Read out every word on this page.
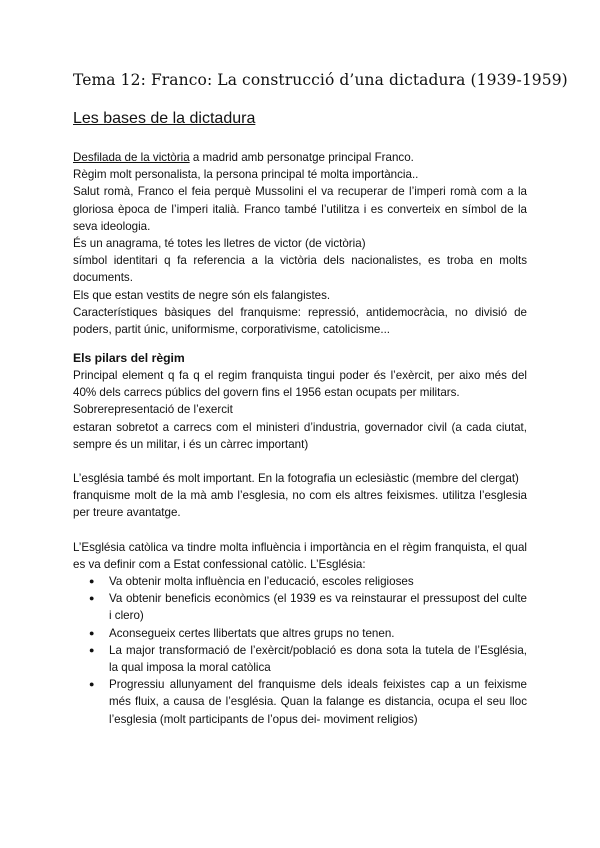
Tema 12: Franco: La construcció d’una dictadura (1939-1959)
Les bases de la dictadura

Desfilada de la victòria a madrid amb personatge principal Franco.

Règim molt personalista, la persona principal té molta importància..

Salut romà, Franco el feia perquè Mussolini el va recuperar de l’imperi romà com a la gloriosa època de l’imperi italià. Franco també l’utilitza i es converteix en símbol de la seva ideologia.

És un anagrama, té totes les lletres de victor (de victòria)

símbol identitari q fa referencia a la victòria dels nacionalistes, es troba en molts documents.

Els que estan vestits de negre són els falangistes.

Característiques bàsiques del franquisme: repressió, antidemocràcia, no divisió de poders, partit únic, uniformisme, corporativisme, catolicisme...

Els pilars del règim

Principal element q fa q el regim franquista tingui poder és l’exèrcit, per aixo més del 40% dels carrecs públics del govern fins el 1956 estan ocupats per militars.

Sobrerepresentació de l’exercit

estaran sobretot a carrecs com el ministeri d’industria, governador civil (a cada ciutat, sempre és un militar, i és un càrrec important)

L’església també és molt important. En la fotografia un eclesiàstic (membre del clergat)

franquisme molt de la mà amb l’esglesia, no com els altres feixismes. utilitza l’esglesia per treure avantatge.

L’Església catòlica va tindre molta influència i importància en el règim franquista, el qual es va definir com a Estat confessional catòlic. L’Església:

● Va obtenir molta influència en l’educació, escoles religioses
● Va obtenir beneficis econòmics (el 1939 es va reinstaurar el pressupost del culte i clero)
● Aconsegueix certes llibertats que altres grups no tenen.
● La major transformació de l’exèrcit/població es dona sota la tutela de l’Església, la qual imposa la moral catòlica
● Progressiu allunyament del franquisme dels ideals feixistes cap a un feixisme més fluix, a causa de l’església. Quan la falange es distancia, ocupa el seu lloc l’esglesia (molt participants de l’opus dei- moviment religios)
